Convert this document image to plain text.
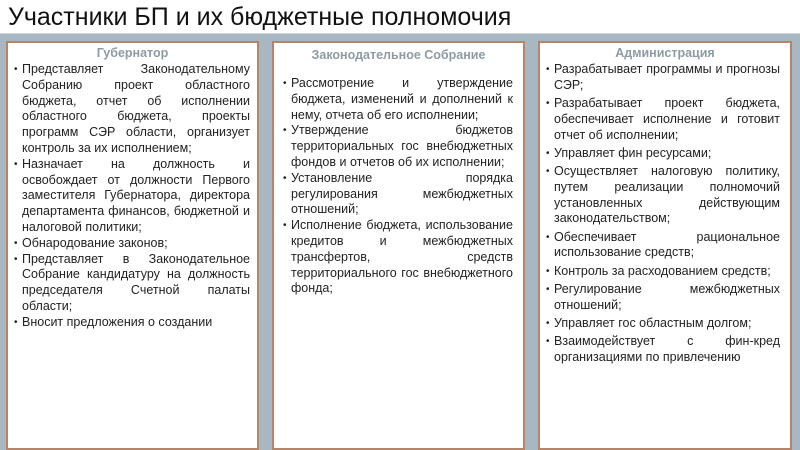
Участники БП и их бюджетные полномочия
Губернатор

• Представляет Законодательному Собранию проект областного бюджета, отчет об исполнении областного бюджета, проекты программ СЭР области, организует контроль за их исполнением;

• Назначает на должность и освобождает от должности Первого заместителя Губернатора, директора департамента финансов, бюджетной и налоговой политики;

• Обнародование законов;

• Представляет в Законодательное Собрание кандидатуру на должность председателя Счетной палаты области;

• Вносит предложения о создании

Законодательное Собрание

• Рассмотрение и утверждение бюджета, изменений и дополнений к нему, отчета об его исполнении;

• Утверждение бюджетов территориальных гос внебюджетных фондов и отчетов об их исполнении;

• Установление порядка регулирования межбюджетных отношений;

• Исполнение бюджета, использование кредитов и межбюджетных трансфертов, средств территориального гос внебюджетного фонда;

Администрация

• Разрабатывает программы и прогнозы СЭР;

• Разрабатывает проект бюджета, обеспечивает исполнение и готовит отчет об исполнении;

• Управляет фин ресурсами;

• Осуществляет налоговую политику, путем реализации полномочий установленных действующим законодательством;

• Обеспечивает рациональное использование средств;

• Контроль за расходованием средств;

• Регулирование межбюджетных отношений;

• Управляет гос областным долгом;

• Взаимодействует с фин-кред организациями по привлечению
